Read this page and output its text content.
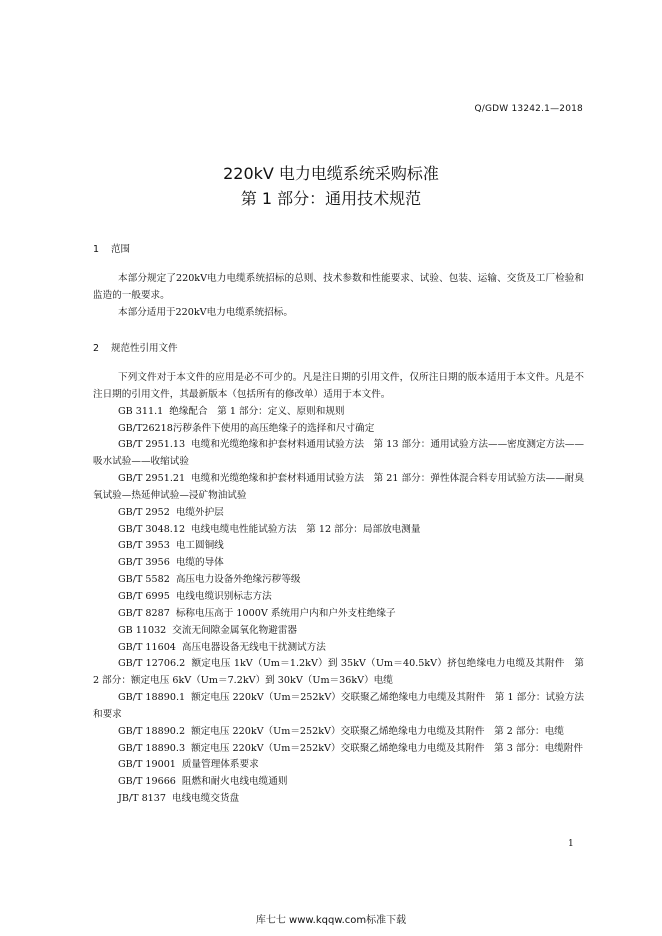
Q/GDW 13242.1—2018
220kV 电力电缆系统采购标准
第 1 部分：通用技术规范
1 范围

本部分规定了220kV电力电缆系统招标的总则、技术参数和性能要求、试验、包装、运输、交货及工厂检验和监造的一般要求。

本部分适用于220kV电力电缆系统招标。

2 规范性引用文件

下列文件对于本文件的应用是必不可少的。凡是注日期的引用文件，仅所注日期的版本适用于本文件。凡是不注日期的引用文件，其最新版本（包括所有的修改单）适用于本文件。

GB 311.1 绝缘配合　第 1 部分：定义、原则和规则

GB/T26218污秽条件下使用的高压绝缘子的选择和尺寸确定

GB/T 2951.13 电缆和光缆绝缘和护套材料通用试验方法　第 13 部分：通用试验方法——密度测定方法——吸水试验——收缩试验

GB/T 2951.21 电缆和光缆绝缘和护套材料通用试验方法　第 21 部分：弹性体混合料专用试验方法——耐臭氧试验—热延伸试验—浸矿物油试验

GB/T 2952 电缆外护层

GB/T 3048.12 电线电缆电性能试验方法　第 12 部分：局部放电测量

GB/T 3953 电工圆铜线

GB/T 3956 电缆的导体

GB/T 5582 高压电力设备外绝缘污秽等级

GB/T 6995 电线电缆识别标志方法

GB/T 8287 标称电压高于 1000V 系统用户内和户外支柱绝缘子

GB 11032 交流无间隙金属氧化物避雷器

GB/T 11604 高压电器设备无线电干扰测试方法

GB/T 12706.2 额定电压 1kV（Um＝1.2kV）到 35kV（Um＝40.5kV）挤包绝缘电力电缆及其附件　第 2 部分：额定电压 6kV（Um＝7.2kV）到 30kV（Um＝36kV）电缆

GB/T 18890.1 额定电压 220kV（Um＝252kV）交联聚乙烯绝缘电力电缆及其附件　第 1 部分：试验方法和要求

GB/T 18890.2 额定电压 220kV（Um＝252kV）交联聚乙烯绝缘电力电缆及其附件　第 2 部分：电缆

GB/T 18890.3 额定电压 220kV（Um＝252kV）交联聚乙烯绝缘电力电缆及其附件　第 3 部分：电缆附件

GB/T 19001 质量管理体系要求

GB/T 19666 阻燃和耐火电线电缆通则

JB/T 8137 电线电缆交货盘

1
库七七 www.kqqw.com标准下载
